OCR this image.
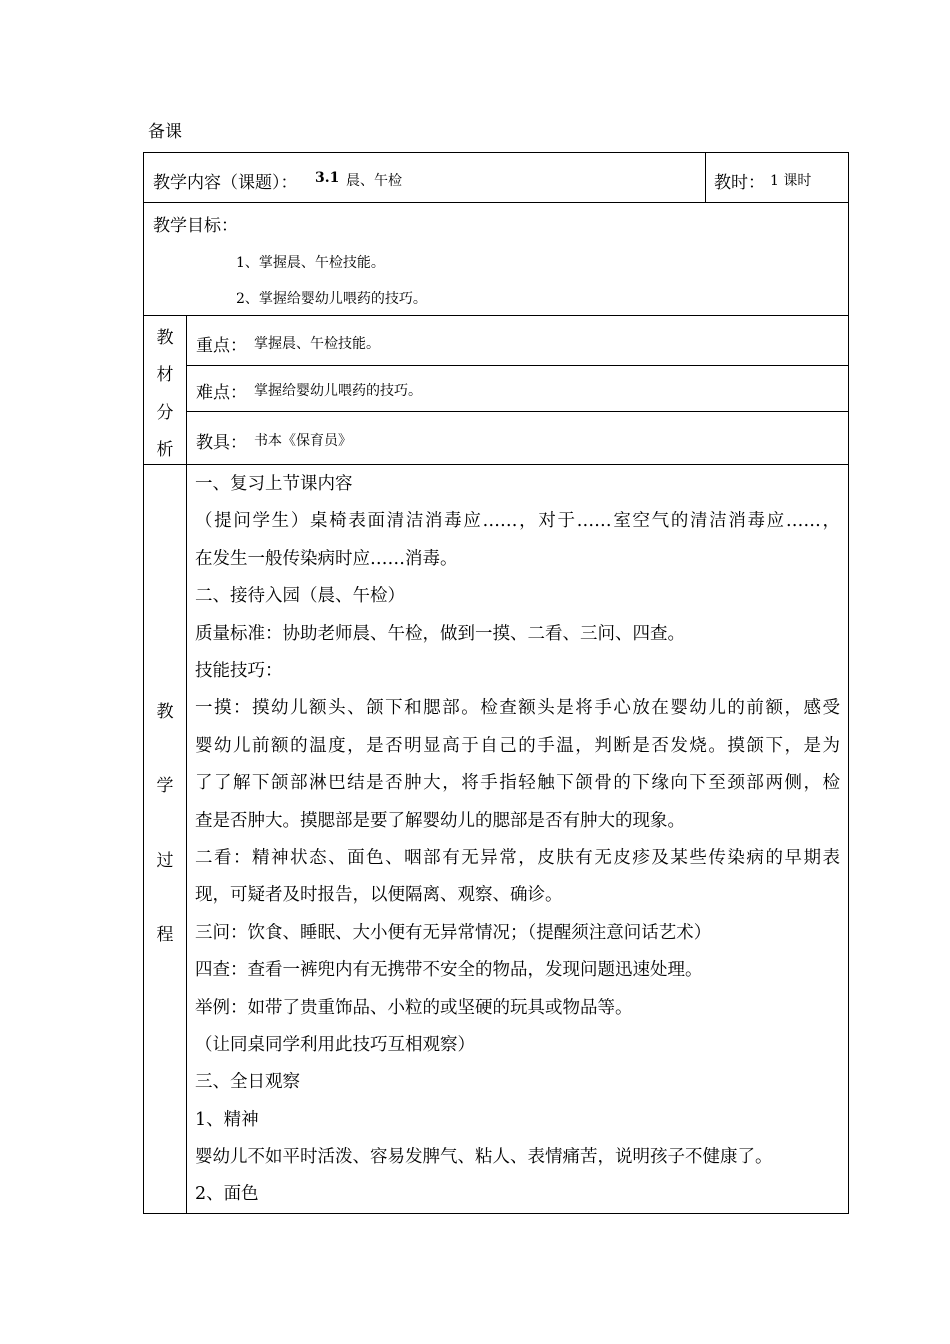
备课
教学内容（课题）： 3.1 晨、午检	教时： 1 课时
教学目标：
1、掌握晨、午检技能。
2、掌握给婴幼儿喂药的技巧。
教
材
分
析
重点： 掌握晨、午检技能。
难点： 掌握给婴幼儿喂药的技巧。
教具： 书本《保育员》
教
学
过
程
一、复习上节课内容
（提问学生）桌椅表面清洁消毒应……，对于……室空气的清洁消毒应……，
在发生一般传染病时应……消毒。
二、接待入园（晨、午检）
质量标准：协助老师晨、午检，做到一摸、二看、三问、四查。
技能技巧：
一摸：摸幼儿额头、颌下和腮部。检查额头是将手心放在婴幼儿的前额，感受
婴幼儿前额的温度，是否明显高于自己的手温，判断是否发烧。摸颌下，是为
了了解下颌部淋巴结是否肿大，将手指轻触下颌骨的下缘向下至颈部两侧，检
查是否肿大。摸腮部是要了解婴幼儿的腮部是否有肿大的现象。
二看：精神状态、面色、咽部有无异常，皮肤有无皮疹及某些传染病的早期表
现，可疑者及时报告，以便隔离、观察、确诊。
三问：饮食、睡眠、大小便有无异常情况；（提醒须注意问话艺术）
四查：查看一裤兜内有无携带不安全的物品，发现问题迅速处理。
举例：如带了贵重饰品、小粒的或坚硬的玩具或物品等。
（让同桌同学利用此技巧互相观察）
三、全日观察
1、精神
婴幼儿不如平时活泼、容易发脾气、粘人、表情痛苦，说明孩子不健康了。
2、面色
